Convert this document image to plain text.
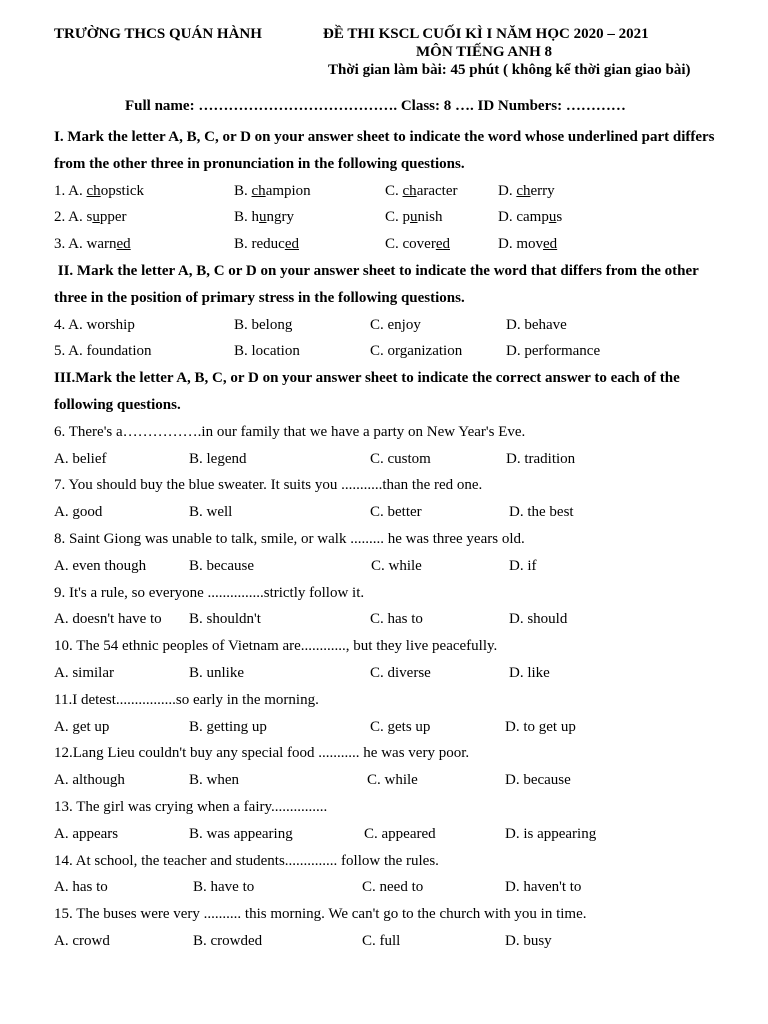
TRƯỜNG THCS QUÁN HÀNH	ĐỀ THI KSCL CUỐI KÌ I NĂM HỌC 2020 – 2021
MÔN TIẾNG ANH 8
Thời gian làm bài: 45 phút ( không kể thời gian giao bài)
Full name: …………………………………. Class: 8 …. ID Numbers: …………
I. Mark the letter A, B, C, or D on your answer sheet to indicate the word whose underlined part differs
from the other three in pronunciation in the following questions.
1. A. chopstick	B. champion	C. character	D. cherry
2. A. supper	B. hungry	C. punish	D. campus
3. A. warned	B. reduced	C. covered	D. moved
II. Mark the letter A, B, C or D on your answer sheet to indicate the word that differs from the other
three in the position of primary stress in the following questions.
4. A. worship	B. belong	C. enjoy	D. behave
5. A. foundation	B. location	C. organization	D. performance
III.Mark the letter A, B, C, or D on your answer sheet to indicate the correct answer to each of the
following questions.
6. There's a…………….in our family that we have a party on New Year's Eve.
A. belief	B. legend	C. custom	D. tradition
7. You should buy the blue sweater. It suits you ...........than the red one.
A. good	B. well	C. better	D. the best
8. Saint Giong was unable to talk, smile, or walk ......... he was three years old.
A. even though	B. because	C. while	D. if
9. It's a rule, so everyone ...............strictly follow it.
A. doesn't have to B. shouldn't	C. has to	D. should
10. The 54 ethnic peoples of Vietnam are............, but they live peacefully.
A. similar	B. unlike	C. diverse	D. like
11.I detest................so early in the morning.
A. get up	B. getting up	C. gets up	D. to get up
12.Lang Lieu couldn't buy any special food ........... he was very poor.
A. although	B. when	C. while	D. because
13. The girl was crying when a fairy...............
A. appears	B. was appearing	C. appeared	D. is appearing
14. At school, the teacher and students.............. follow the rules.
A. has to	B. have to	C. need to	D. haven't to
15. The buses were very .......... this morning. We can't go to the church with you in time.
A. crowd	B. crowded	C. full	D. busy
